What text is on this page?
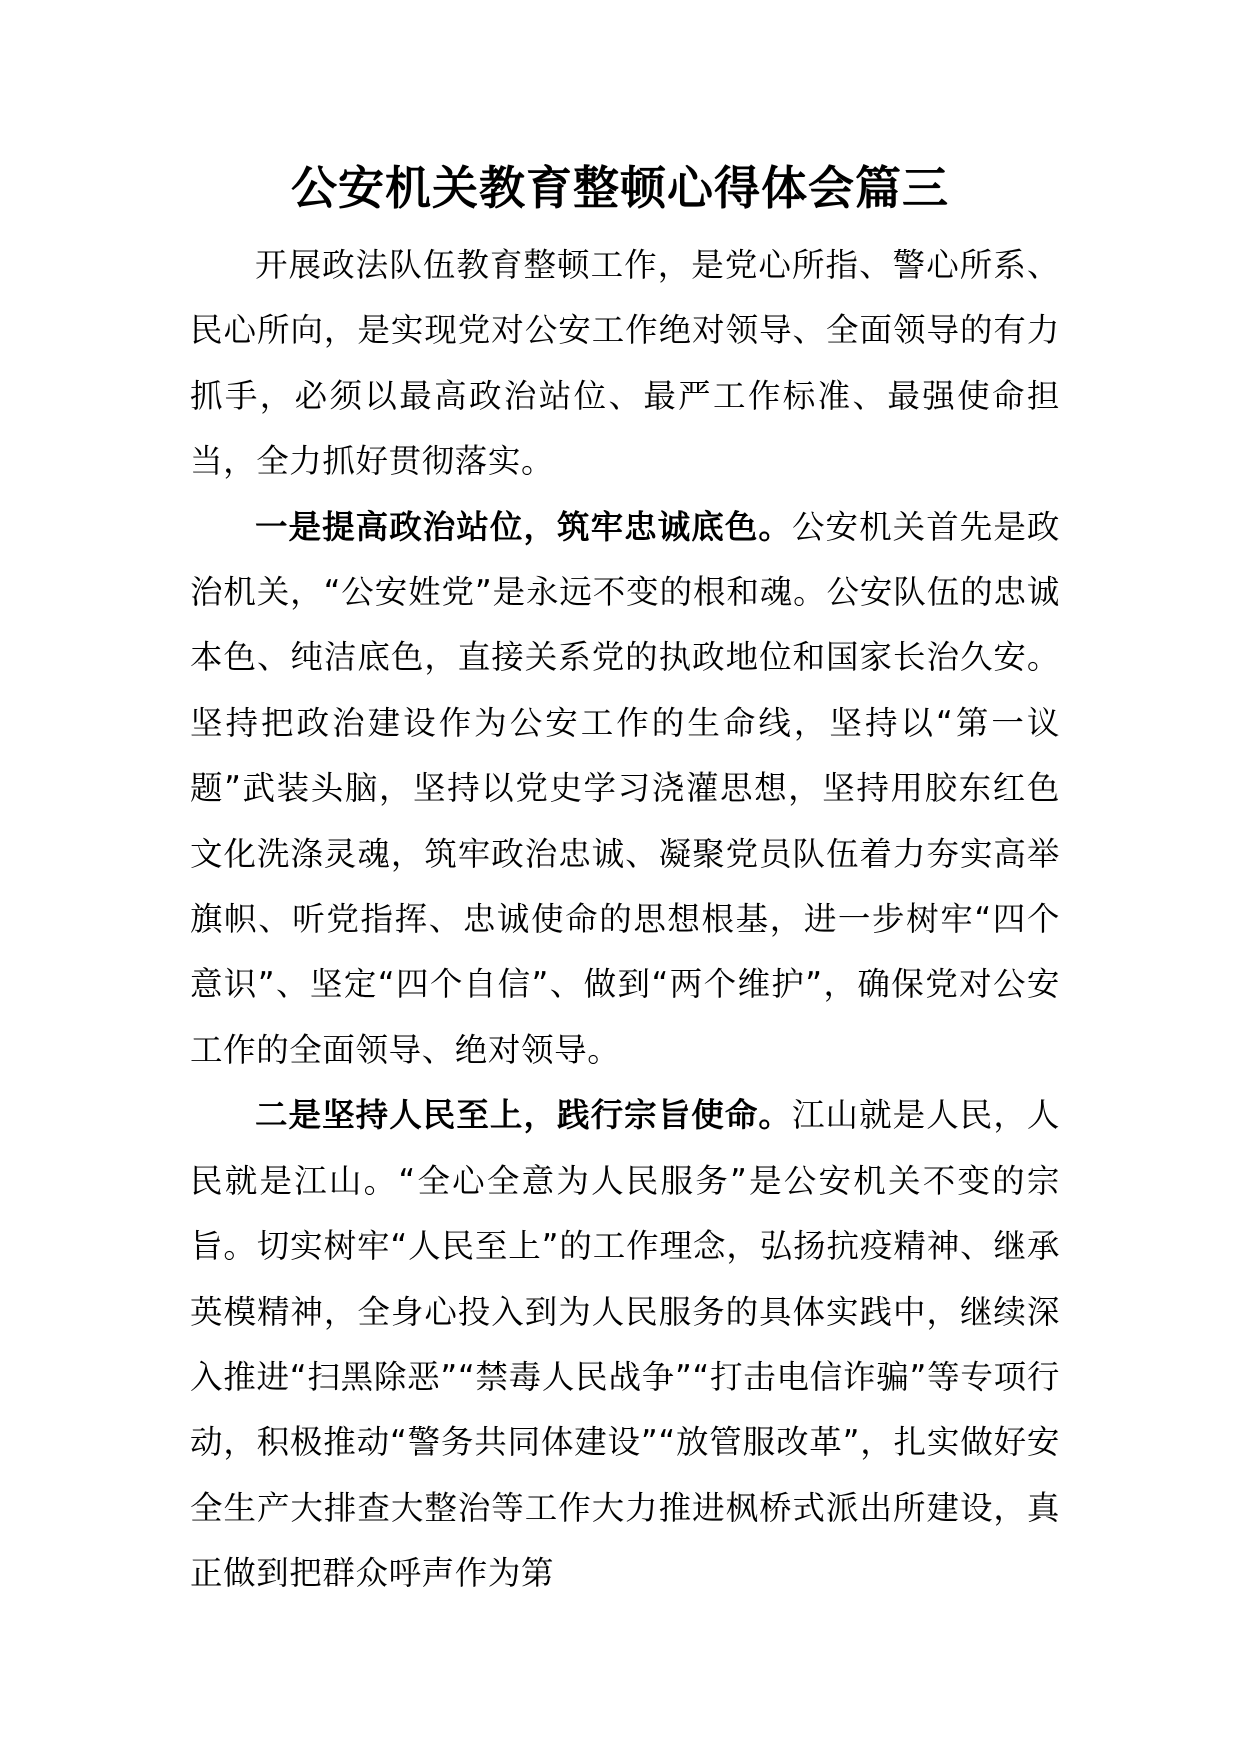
公安机关教育整顿心得体会篇三

开展政法队伍教育整顿工作，是党心所指、警心所系、民心所向，是实现党对公安工作绝对领导、全面领导的有力抓手，必须以最高政治站位、最严工作标准、最强使命担当，全力抓好贯彻落实。

一是提高政治站位，筑牢忠诚底色。公安机关首先是政治机关，“公安姓党”是永远不变的根和魂。公安队伍的忠诚本色、纯洁底色，直接关系党的执政地位和国家长治久安。坚持把政治建设作为公安工作的生命线，坚持以“第一议题”武装头脑，坚持以党史学习浇灌思想，坚持用胶东红色文化洗涤灵魂，筑牢政治忠诚、凝聚党员队伍着力夯实高举旗帜、听党指挥、忠诚使命的思想根基，进一步树牢“四个意识”、坚定“四个自信”、做到“两个维护”，确保党对公安工作的全面领导、绝对领导。

二是坚持人民至上，践行宗旨使命。江山就是人民，人民就是江山。“全心全意为人民服务”是公安机关不变的宗旨。切实树牢“人民至上”的工作理念，弘扬抗疫精神、继承英模精神，全身心投入到为人民服务的具体实践中，继续深入推进“扫黑除恶”“禁毒人民战争”“打击电信诈骗”等专项行动，积极推动“警务共同体建设”“放管服改革”，扎实做好安全生产大排查大整治等工作大力推进枫桥式派出所建设，真正做到把群众呼声作为第
